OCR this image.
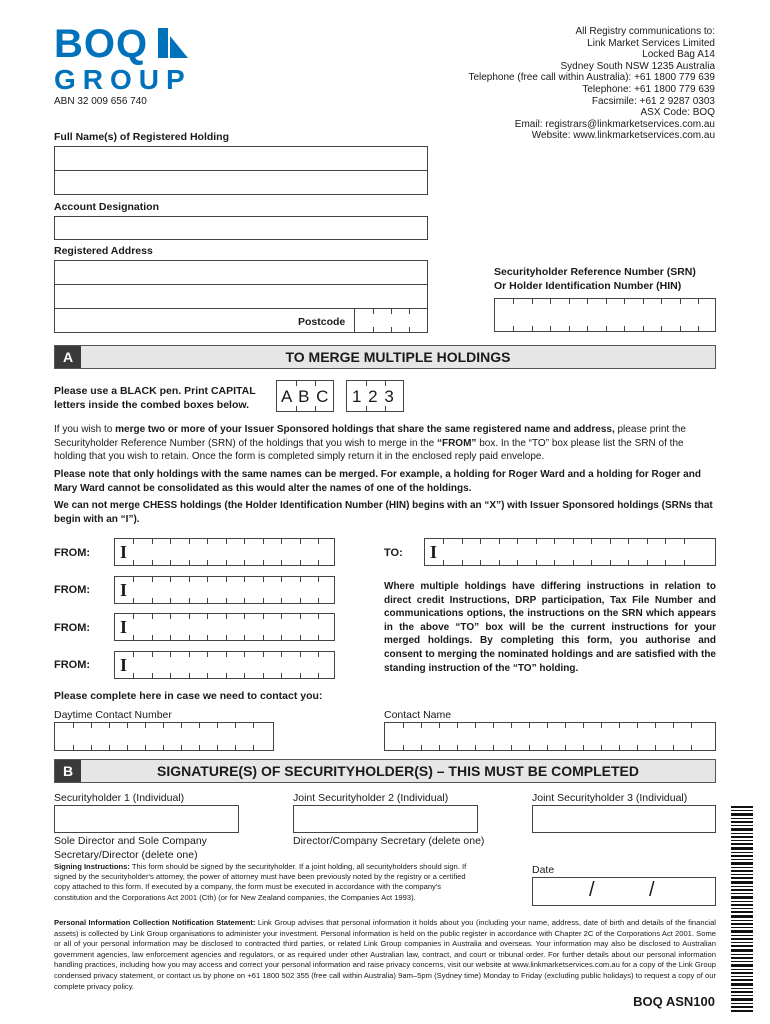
BOQ
GROUP
ABN 32 009 656 740
All Registry communications to:
Link Market Services Limited
Locked Bag A14
Sydney South NSW 1235 Australia
Telephone (free call within Australia): +61 1800 779 639
Telephone: +61 1800 779 639
Facsimile: +61 2 9287 0303
ASX Code: BOQ
Email: registrars@linkmarketservices.com.au
Website: www.linkmarketservices.com.au
Full Name(s) of Registered Holding
Account Designation
Registered Address
Postcode
Securityholder Reference Number (SRN)
Or Holder Identification Number (HIN)
A	TO MERGE MULTIPLE HOLDINGS
Please use a BLACK pen. Print CAPITAL
letters inside the combed boxes below. A B C 1 2 3
If you wish to merge two or more of your Issuer Sponsored holdings that share the same registered name and address, please print the Securityholder Reference Number (SRN) of the holdings that you wish to merge in the “FROM” box. In the “TO” box please list the SRN of the holding that you wish to retain. Once the form is completed simply return it in the enclosed reply paid envelope.
Please note that only holdings with the same names can be merged. For example, a holding for Roger Ward and a holding for Roger and Mary Ward cannot be consolidated as this would alter the names of one of the holdings.
We can not merge CHESS holdings (the Holder Identification Number (HIN) begins with an “X”) with Issuer Sponsored holdings (SRNs that begin with an “I”).
FROM: I
FROM: I
FROM: I
FROM: I
TO: I
Where multiple holdings have differing instructions in relation to direct credit Instructions, DRP participation, Tax File Number and communications options, the instructions on the SRN which appears in the above “TO” box will be the current instructions for your merged holdings. By completing this form, you authorise and consent to merging the nominated holdings and are satisfied with the standing instruction of the “TO” holding.
Please complete here in case we need to contact you:
Daytime Contact Number	Contact Name
B	SIGNATURE(S) OF SECURITYHOLDER(S) – THIS MUST BE COMPLETED
Securityholder 1 (Individual)	Joint Securityholder 2 (Individual)	Joint Securityholder 3 (Individual)
Sole Director and Sole Company
Secretary/Director (delete one)
Director/Company Secretary (delete one)
Signing Instructions: This form should be signed by the securityholder. If a joint holding, all securityholders should sign. If signed by the securityholder's attorney, the power of attorney must have been previously noted by the registry or a certified copy attached to this form. If executed by a company, the form must be executed in accordance with the company's constitution and the Corporations Act 2001 (Cth) (or for New Zealand companies, the Companies Act 1993).
Date
/	/
Personal Information Collection Notification Statement: Link Group advises that personal information it holds about you (including your name, address, date of birth and details of the financial assets) is collected by Link Group organisations to administer your investment. Personal information is held on the public register in accordance with Chapter 2C of the Corporations Act 2001. Some or all of your personal information may be disclosed to contracted third parties, or related Link Group companies in Australia and overseas. Your information may also be disclosed to Australian government agencies, law enforcement agencies and regulators, or as required under other Australian law, contract, and court or tribunal order. For further details about our personal information handling practices, including how you may access and correct your personal information and raise privacy concerns, visit our website at www.linkmarketservices.com.au for a copy of the Link Group condensed privacy statement, or contact us by phone on +61 1800 502 355 (free call within Australia) 9am–5pm (Sydney time) Monday to Friday (excluding public holidays) to request a copy of our complete privacy policy.
BOQ ASN100
